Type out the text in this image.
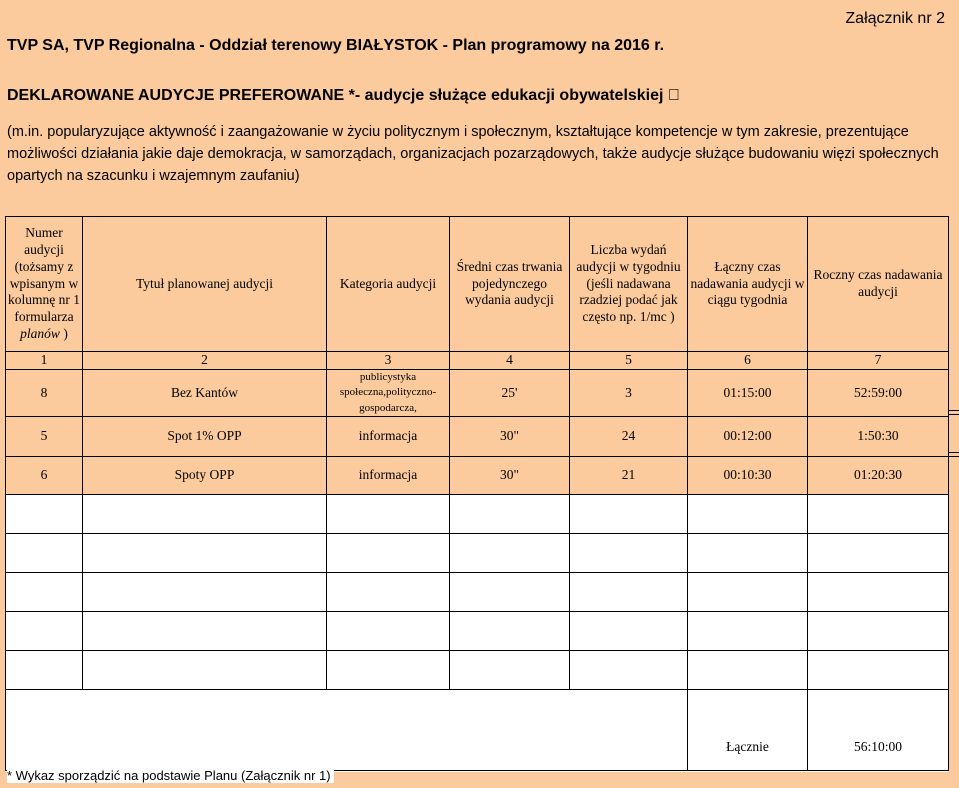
Załącznik nr 2
TVP SA, TVP Regionalna - Oddział terenowy BIAŁYSTOK - Plan programowy na 2016 r.
DEKLAROWANE AUDYCJE PREFEROWANE *- audycje służące edukacji obywatelskiej
(m.in. popularyzujące aktywność i zaangażowanie w życiu politycznym i społecznym, kształtujące kompetencje w tym zakresie, prezentujące możliwości działania jakie daje demokracja, w samorządach, organizacjach pozarządowych, także audycje służące budowaniu więzi społecznych opartych na szacunku i wzajemnym zaufaniu)
Numer audycji (tożsamy z wpisanym w kolumnę nr 1 formularza planów )	Tytuł planowanej audycji	Kategoria audycji	Średni czas trwania pojedynczego wydania audycji	Liczba wydań audycji w tygodniu (jeśli nadawana rzadziej podać jak często np. 1/mc )	Łączny czas nadawania audycji w ciągu tygodnia	Roczny czas nadawania audycji
1	2	3	4	5	6	7
8	Bez Kantów	publicystyka
społeczna,polityczno-
gospodarcza,	25'	3	01:15:00	52:59:00
5	Spot 1% OPP	informacja	30"	24	00:12:00	1:50:30
6	Spoty OPP	informacja	30"	21	00:10:30	01:20:30

					Łącznie	56:10:00
* Wykaz sporządzić na podstawie Planu (Załącznik nr 1)
